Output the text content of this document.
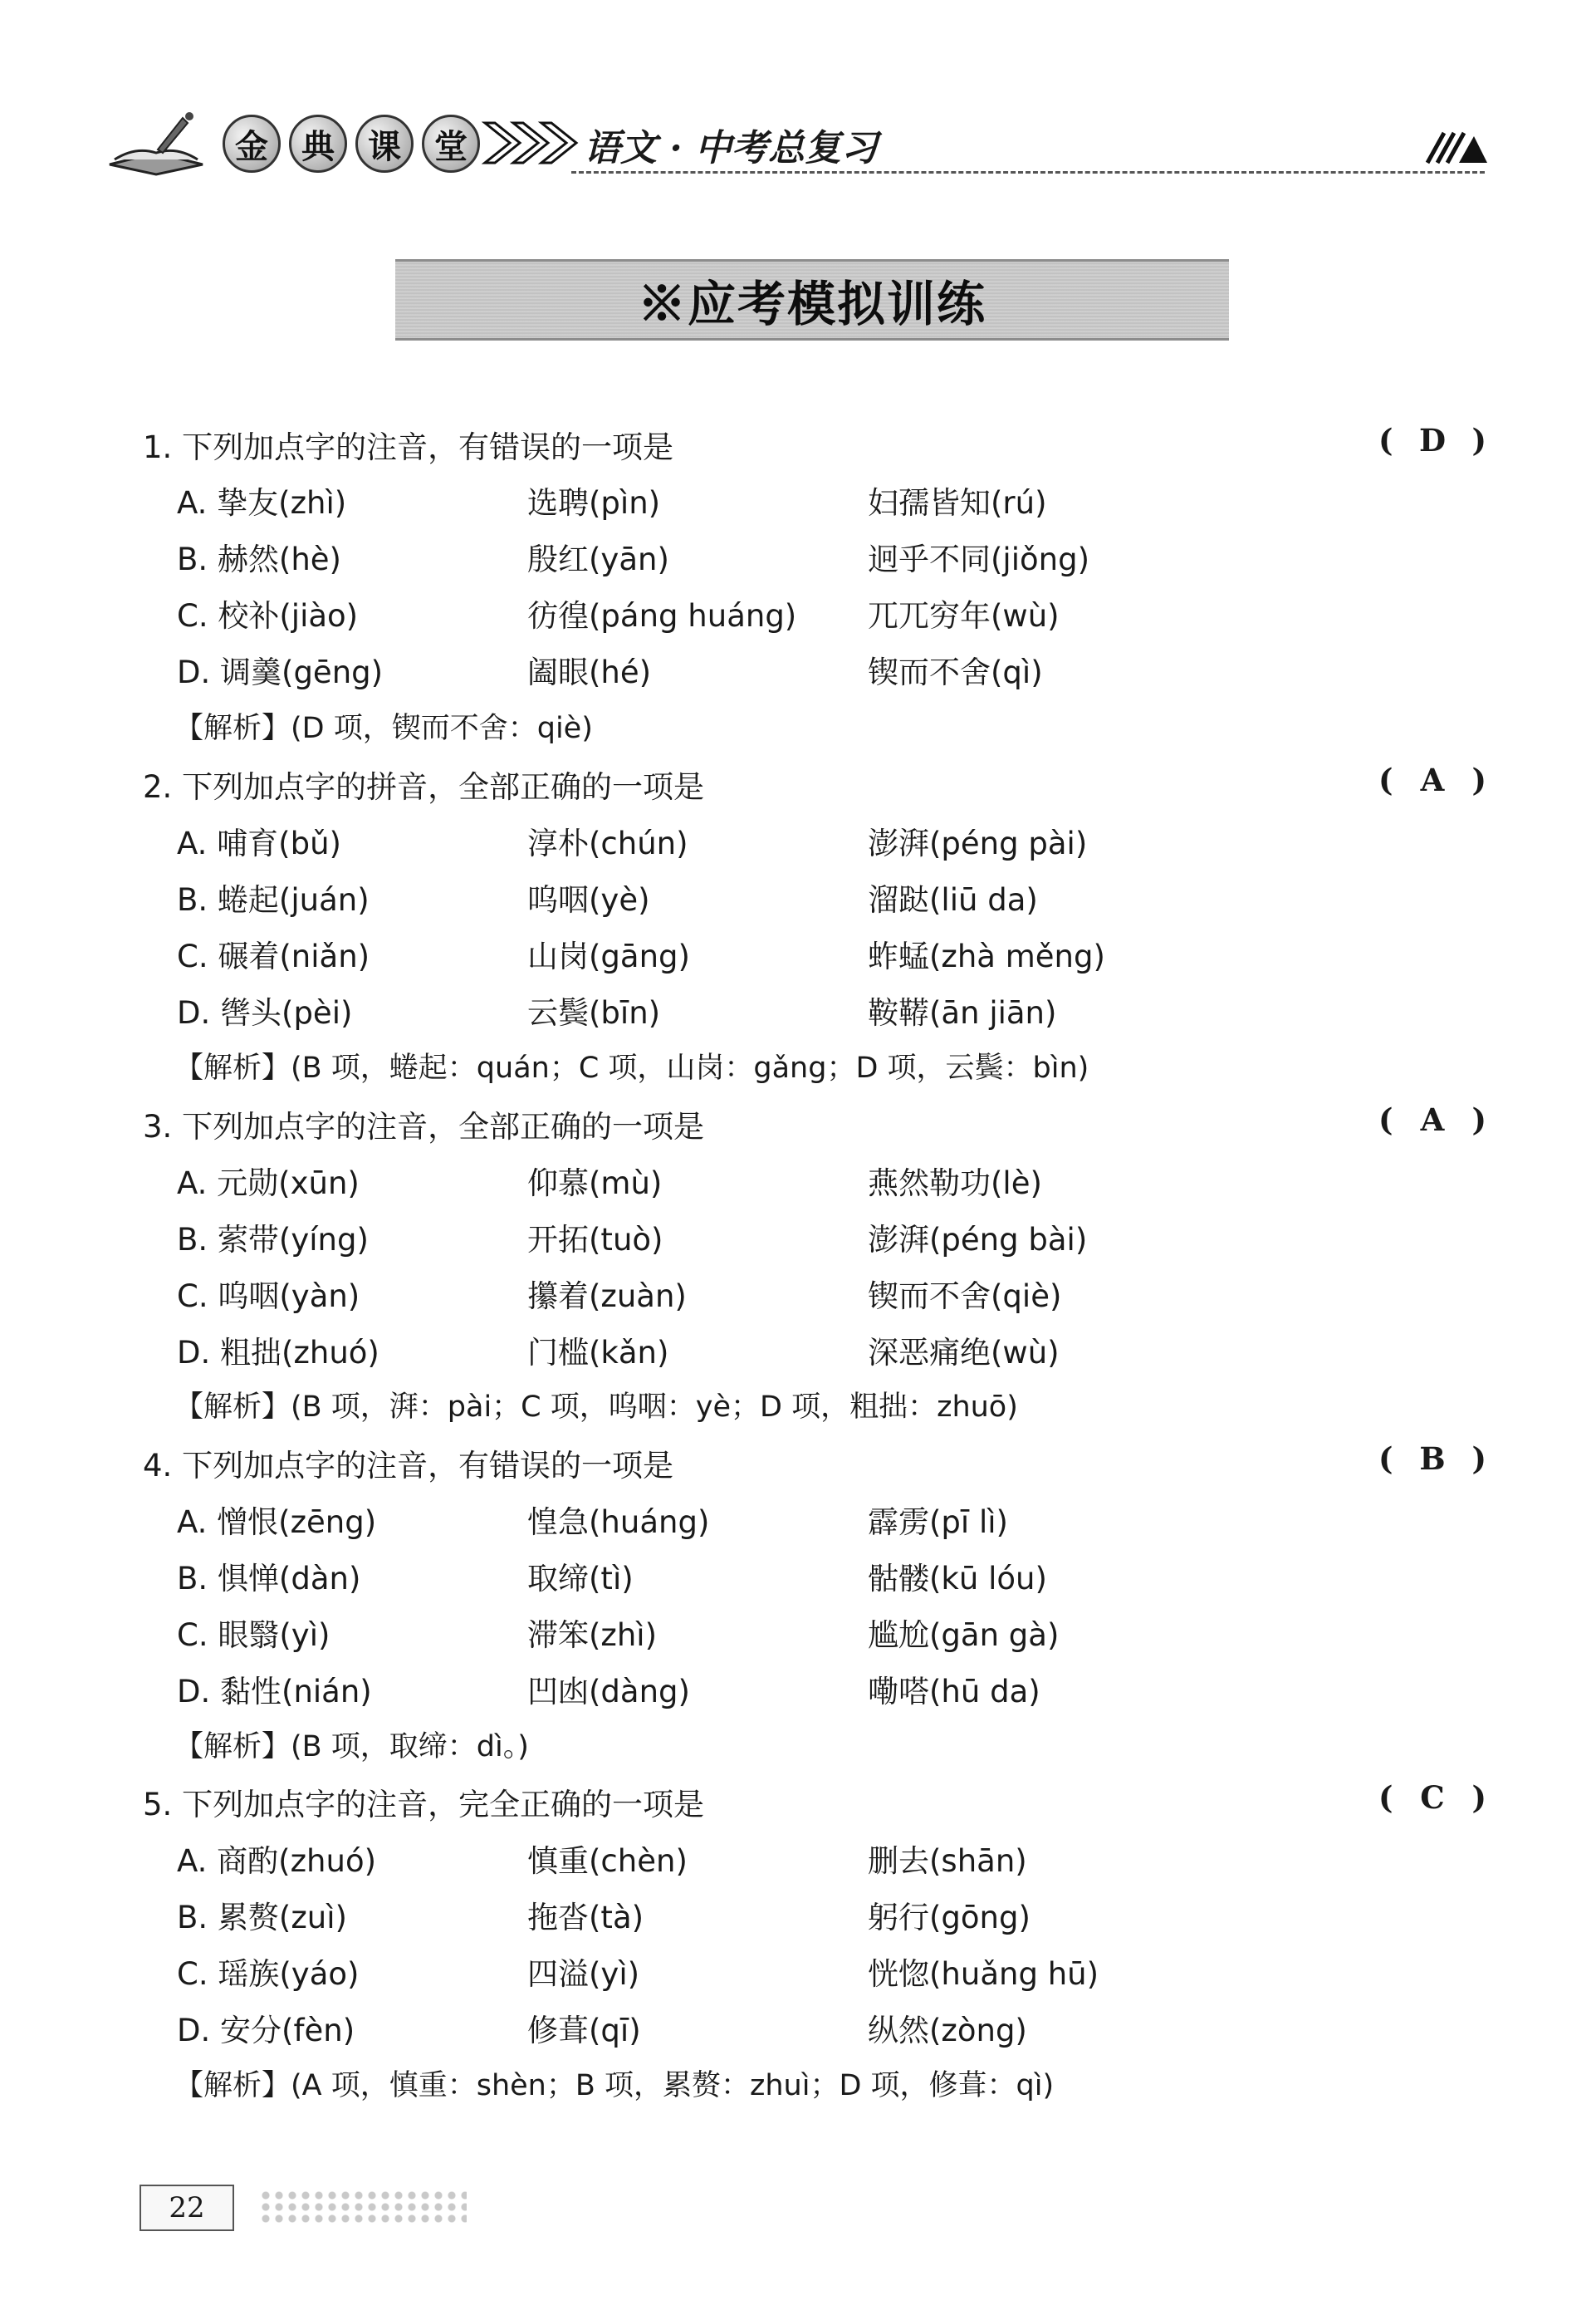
金	典	课	堂	语文 · 中考总复习
※应考模拟训练
1. 下列加点字的注音，有错误的一项是	( D )
A. 挚友(zhì)	选聘(pìn)	妇孺皆知(rú)
B. 赫然(hè)	殷红(yān)	迥乎不同(jiǒng)
C. 校补(jiào)	彷徨(páng huáng) 兀兀穷年(wù)
D. 调羹(gēng)	阖眼(hé)	锲而不舍(qì)
【解析】(D 项，锲而不舍：qiè)
2. 下列加点字的拼音，全部正确的一项是	( A )
A. 哺育(bǔ)	淳朴(chún)	澎湃(péng pài)
B. 蜷起(juán)	呜咽(yè)	溜跶(liū da)
C. 碾着(niǎn)	山岗(gāng)	蚱蜢(zhà měng)
D. 辔头(pèi)	云鬓(bīn)	鞍鞯(ān jiān)
【解析】(B 项，蜷起：quán；C 项，山岗：gǎng；D 项，云鬓：bìn)
3. 下列加点字的注音，全部正确的一项是	( A )
A. 元勋(xūn)	仰慕(mù)	燕然勒功(lè)
B. 萦带(yíng)	开拓(tuò)	澎湃(péng bài)
C. 呜咽(yàn)	攥着(zuàn)	锲而不舍(qiè)
D. 粗拙(zhuó)	门槛(kǎn)	深恶痛绝(wù)
【解析】(B 项，湃：pài；C 项，呜咽：yè；D 项，粗拙：zhuō)
4. 下列加点字的注音，有错误的一项是	( B )
A. 憎恨(zēng)	惶急(huáng)	霹雳(pī lì)
B. 惧惮(dàn)	取缔(tì)	骷髅(kū lóu)
C. 眼翳(yì)	滞笨(zhì)	尴尬(gān gà)
D. 黏性(nián)	凹凼(dàng)	嘞嗒(hū da)
【解析】(B 项，取缔：dì。)
5. 下列加点字的注音，完全正确的一项是	( C )
A. 商酌(zhuó)	慎重(chèn)	删去(shān)
B. 累赘(zuì)	拖沓(tà)	躬行(gōng)
C. 瑶族(yáo)	四溢(yì)	恍惚(huǎng hū)
D. 安分(fèn)	修葺(qī)	纵然(zòng)
【解析】(A 项，慎重：shèn；B 项，累赘：zhuì；D 项，修葺：qì)
22
